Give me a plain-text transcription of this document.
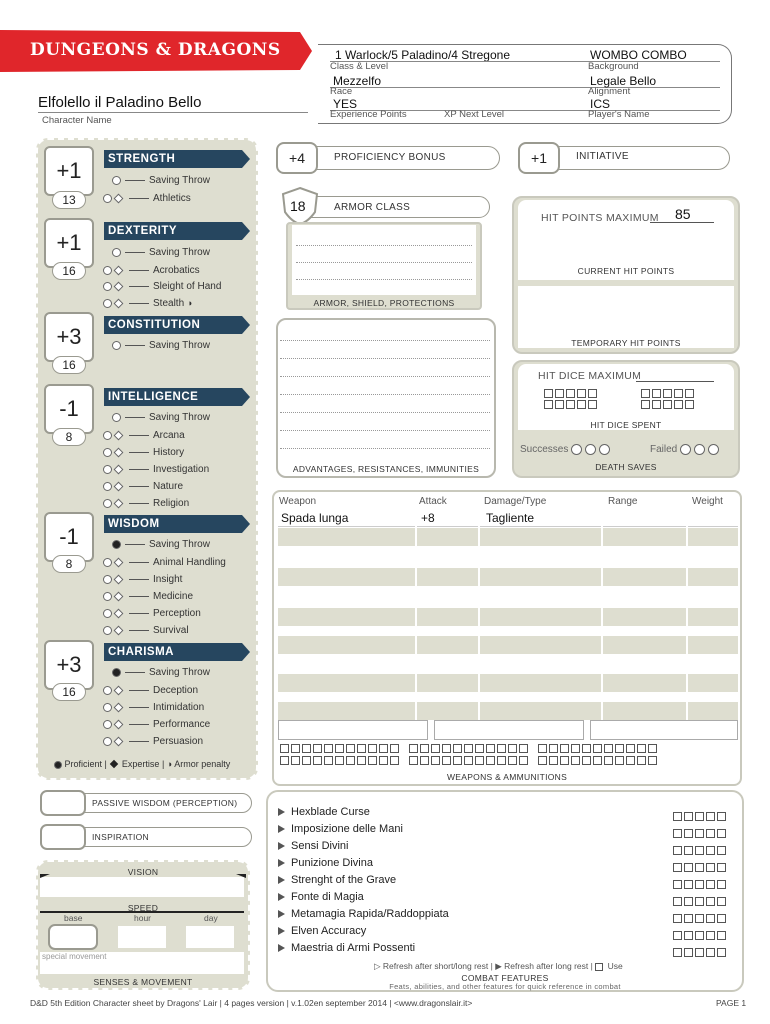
DUNGEONS & DRAGONS
Elfolello il Paladino Bello
Character Name
1 Warlock/5 Paladino/4 Stregone
Class & Level
WOMBO COMBO
Background
Mezzelfo
Race
Legale Bello
Alignment
YES
Experience Points	XP Next Level
ICS
Player's Name
+1
13
STRENGTH
Saving Throw
Athletics
+1
16
DEXTERITY
Saving Throw
Acrobatics
Sleight of Hand
Stealth ◑
+3
16
CONSTITUTION
Saving Throw
-1
8
INTELLIGENCE
Saving Throw
Arcana
History
Investigation
Nature
Religion
-1
8
WISDOM
Saving Throw
Animal Handling
Insight
Medicine
Perception
Survival
+3
16
CHARISMA
Saving Throw
Deception
Intimidation
Performance
Persuasion
Proficient |  Expertise | ◑ Armor penalty
+4	PROFICIENCY BONUS	+1	INITIATIVE
18	ARMOR CLASS
ARMOR, SHIELD, PROTECTIONS
HIT POINTS MAXIMUM 85
CURRENT HIT POINTS
TEMPORARY HIT POINTS
ADVANTAGES, RESISTANCES, IMMUNITIES
HIT DICE MAXIMUM

HIT DICE SPENT
Successes	Failed
DEATH SAVES
Weapon	Attack	Damage/Type	Range	Weight
Spada lunga	+8	Tagliente

WEAPONS & AMMUNITIONS
PASSIVE WISDOM (PERCEPTION)
INSPIRATION
VISION
SPEED
base	hour	day
special movement
SENSES & MOVEMENT
Hexblade Curse
Imposizione delle Mani
Sensi Divini
Punizione Divina
Strenght of the Grave
Fonte di Magia
Metamagia Rapida/Raddoppiata
Elven Accuracy
Maestria di Armi Possenti

▷ Refresh after short/long rest | ▶ Refresh after long rest | Use
COMBAT FEATURES
Feats, abilities, and other features for quick reference in combat
D&D 5th Edition Character sheet by Dragons' Lair | 4 pages version | v.1.02en september 2014 | <www.dragonslair.it>	PAGE 1
